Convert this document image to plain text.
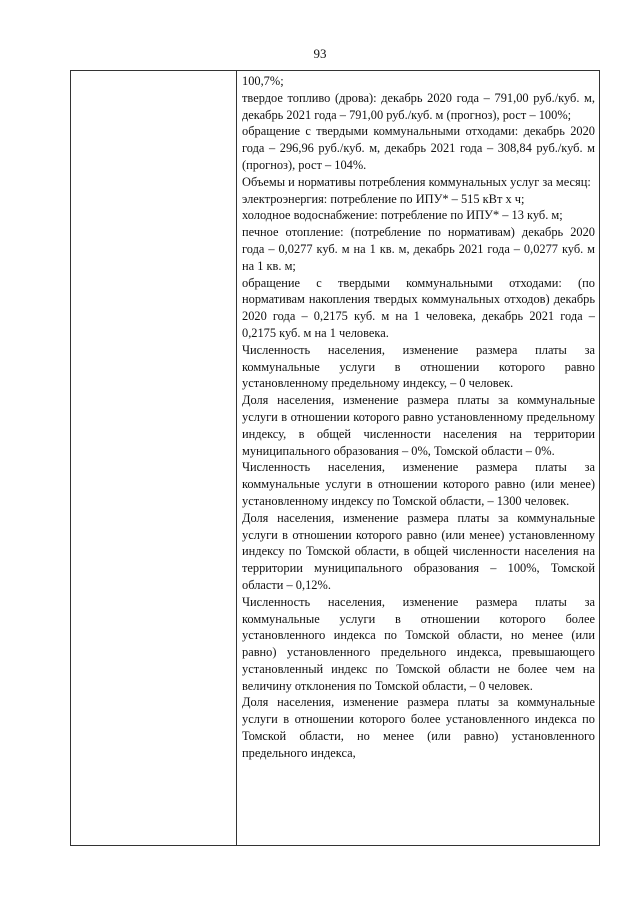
93

100,7%;

твердое топливо (дрова): декабрь 2020 года – 791,00 руб./куб. м, декабрь 2021 года – 791,00 руб./куб. м (прогноз), рост – 100%;

обращение с твердыми коммунальными отходами: декабрь 2020 года – 296,96 руб./куб. м, декабрь 2021 года – 308,84 руб./куб. м (прогноз), рост – 104%.

Объемы и нормативы потребления коммунальных услуг за месяц:

электроэнергия: потребление по ИПУ* – 515 кВт х ч;

холодное водоснабжение: потребление по ИПУ* – 13 куб. м;

печное отопление: (потребление по нормативам) декабрь 2020 года – 0,0277 куб. м на 1 кв. м, декабрь 2021 года – 0,0277 куб. м на 1 кв. м;

обращение с твердыми коммунальными отходами: (по нормативам накопления твердых коммунальных отходов) декабрь 2020 года – 0,2175 куб. м на 1 человека, декабрь 2021 года – 0,2175 куб. м на 1 человека.

Численность населения, изменение размера платы за коммунальные услуги в отношении которого равно установленному предельному индексу, – 0 человек.

Доля населения, изменение размера платы за коммунальные услуги в отношении которого равно установленному предельному индексу, в общей численности населения на территории муниципального образования – 0%, Томской области – 0%.

Численность населения, изменение размера платы за коммунальные услуги в отношении которого равно (или менее) установленному индексу по Томской области, – 1300 человек.

Доля населения, изменение размера платы за коммунальные услуги в отношении которого равно (или менее) установленному индексу по Томской области, в общей численности населения на территории муниципального образования – 100%, Томской области – 0,12%.

Численность населения, изменение размера платы за коммунальные услуги в отношении которого более установленного индекса по Томской области, но менее (или равно) установленного предельного индекса, превышающего установленный индекс по Томской области не более чем на величину отклонения по Томской области, – 0 человек.

Доля населения, изменение размера платы за коммунальные услуги в отношении которого более установленного индекса по Томской области, но менее (или равно) установленного предельного индекса,
